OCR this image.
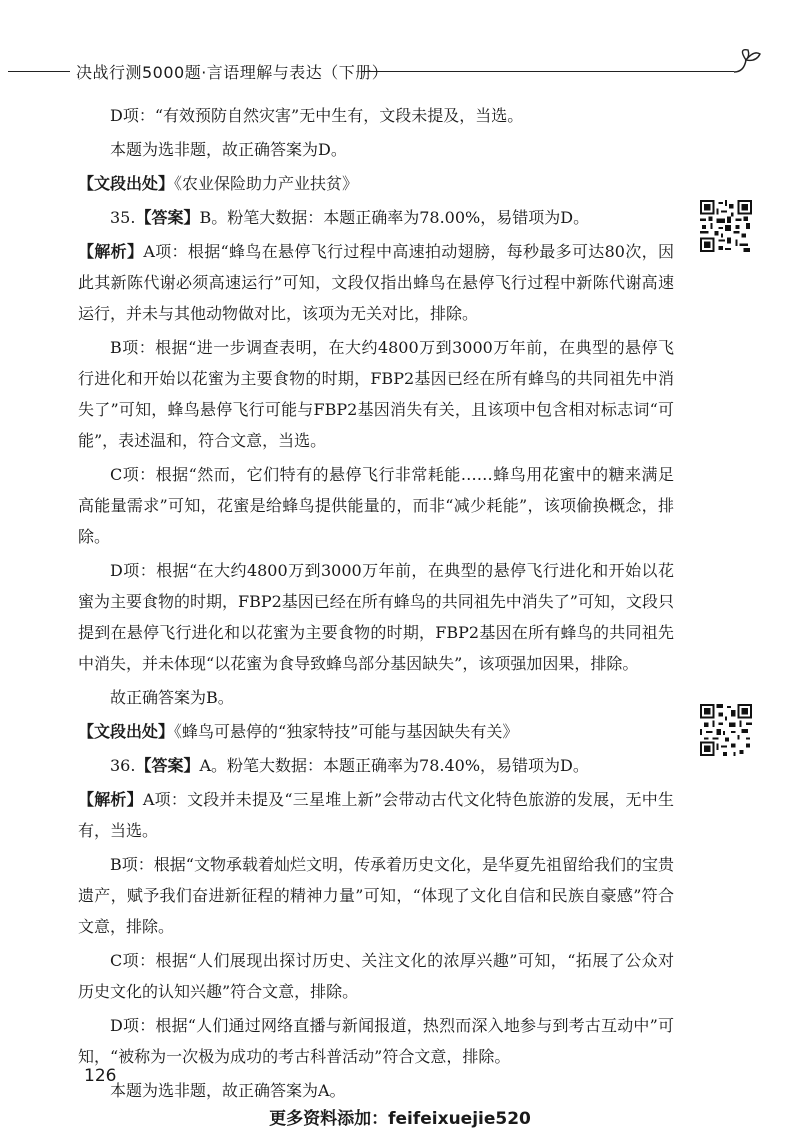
决战行测5000题·言语理解与表达（下册）

D项：“有效预防自然灾害”无中生有，文段未提及，当选。

本题为选非题，故正确答案为D。

【文段出处】《农业保险助力产业扶贫》

35.【答案】B。粉笔大数据：本题正确率为78.00%，易错项为D。

【解析】A项：根据“蜂鸟在悬停飞行过程中高速拍动翅膀，每秒最多可达80次，因此其新陈代谢必须高速运行”可知，文段仅指出蜂鸟在悬停飞行过程中新陈代谢高速运行，并未与其他动物做对比，该项为无关对比，排除。

B项：根据“进一步调查表明，在大约4800万到3000万年前，在典型的悬停飞行进化和开始以花蜜为主要食物的时期，FBP2基因已经在所有蜂鸟的共同祖先中消失了”可知，蜂鸟悬停飞行可能与FBP2基因消失有关，且该项中包含相对标志词“可能”，表述温和，符合文意，当选。

C项：根据“然而，它们特有的悬停飞行非常耗能……蜂鸟用花蜜中的糖来满足高能量需求”可知，花蜜是给蜂鸟提供能量的，而非“减少耗能”，该项偷换概念，排除。

D项：根据“在大约4800万到3000万年前，在典型的悬停飞行进化和开始以花蜜为主要食物的时期，FBP2基因已经在所有蜂鸟的共同祖先中消失了”可知，文段只提到在悬停飞行进化和以花蜜为主要食物的时期，FBP2基因在所有蜂鸟的共同祖先中消失，并未体现“以花蜜为食导致蜂鸟部分基因缺失”，该项强加因果，排除。

故正确答案为B。

【文段出处】《蜂鸟可悬停的“独家特技”可能与基因缺失有关》

36.【答案】A。粉笔大数据：本题正确率为78.40%，易错项为D。

【解析】A项：文段并未提及“三星堆上新”会带动古代文化特色旅游的发展，无中生有，当选。

B项：根据“文物承载着灿烂文明，传承着历史文化，是华夏先祖留给我们的宝贵遗产，赋予我们奋进新征程的精神力量”可知，“体现了文化自信和民族自豪感”符合文意，排除。

C项：根据“人们展现出探讨历史、关注文化的浓厚兴趣”可知，“拓展了公众对历史文化的认知兴趣”符合文意，排除。

D项：根据“人们通过网络直播与新闻报道，热烈而深入地参与到考古互动中”可知，“被称为一次极为成功的考古科普活动”符合文意，排除。

本题为选非题，故正确答案为A。

126
更多资料添加：feifeixuejie520
